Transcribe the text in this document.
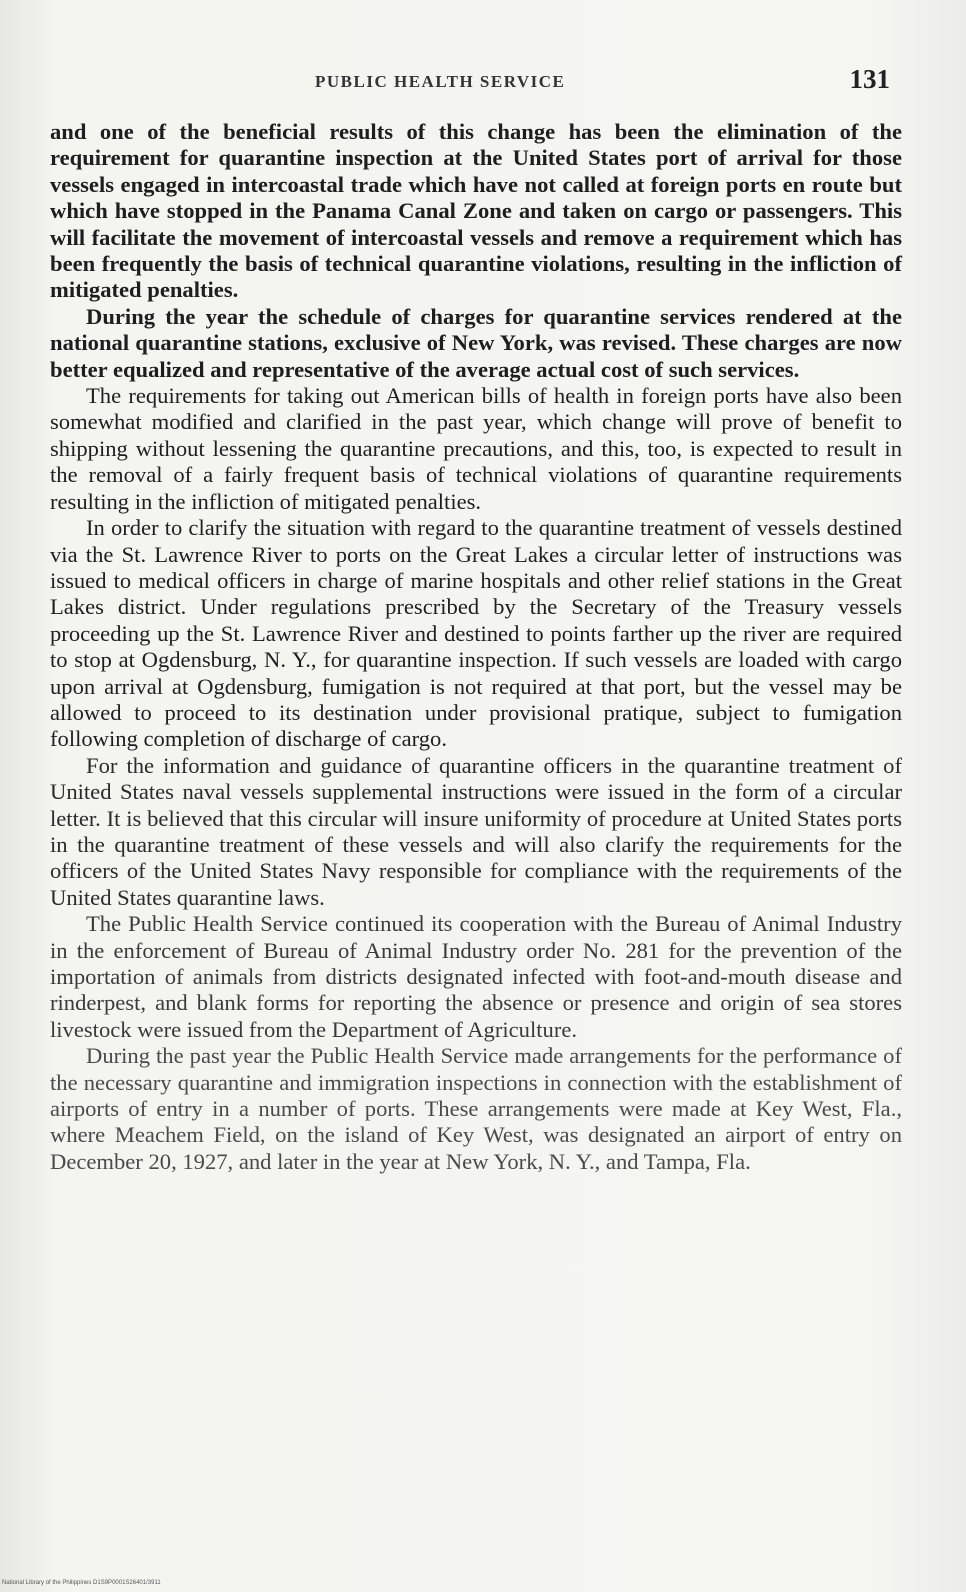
PUBLIC HEALTH SERVICE	131

and one of the beneficial results of this change has been the elimination of the requirement for quarantine inspection at the United States port of arrival for those vessels engaged in intercoastal trade which have not called at foreign ports en route but which have stopped in the Panama Canal Zone and taken on cargo or passengers. This will facilitate the movement of intercoastal vessels and remove a requirement which has been frequently the basis of technical quarantine violations, resulting in the infliction of mitigated penalties.

During the year the schedule of charges for quarantine services rendered at the national quarantine stations, exclusive of New York, was revised. These charges are now better equalized and representative of the average actual cost of such services.

The requirements for taking out American bills of health in foreign ports have also been somewhat modified and clarified in the past year, which change will prove of benefit to shipping without lessening the quarantine precautions, and this, too, is expected to result in the removal of a fairly frequent basis of technical violations of quarantine requirements resulting in the infliction of mitigated penalties.

In order to clarify the situation with regard to the quarantine treatment of vessels destined via the St. Lawrence River to ports on the Great Lakes a circular letter of instructions was issued to medical officers in charge of marine hospitals and other relief stations in the Great Lakes district. Under regulations prescribed by the Secretary of the Treasury vessels proceeding up the St. Lawrence River and destined to points farther up the river are required to stop at Ogdensburg, N. Y., for quarantine inspection. If such vessels are loaded with cargo upon arrival at Ogdensburg, fumigation is not required at that port, but the vessel may be allowed to proceed to its destination under provisional pratique, subject to fumigation following completion of discharge of cargo.

For the information and guidance of quarantine officers in the quarantine treatment of United States naval vessels supplemental instructions were issued in the form of a circular letter. It is believed that this circular will insure uniformity of procedure at United States ports in the quarantine treatment of these vessels and will also clarify the requirements for the officers of the United States Navy responsible for compliance with the requirements of the United States quarantine laws.

The Public Health Service continued its cooperation with the Bureau of Animal Industry in the enforcement of Bureau of Animal Industry order No. 281 for the prevention of the importation of animals from districts designated infected with foot-and-mouth disease and rinderpest, and blank forms for reporting the absence or presence and origin of sea stores livestock were issued from the Department of Agriculture.

During the past year the Public Health Service made arrangements for the performance of the necessary quarantine and immigration inspections in connection with the establishment of airports of entry in a number of ports. These arrangements were made at Key West, Fla., where Meachem Field, on the island of Key West, was designated an airport of entry on December 20, 1927, and later in the year at New York, N. Y., and Tampa, Fla.

National Library of the Philippines D1S9P0001S26401/3911
